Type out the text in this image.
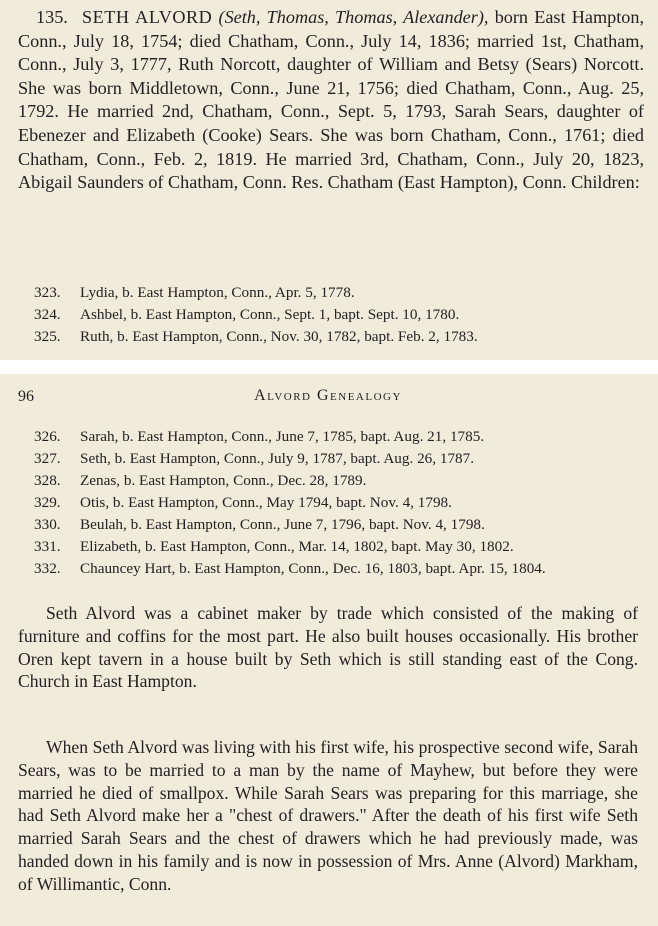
135. SETH ALVORD (Seth, Thomas, Thomas, Alexander), born East Hampton, Conn., July 18, 1754; died Chatham, Conn., July 14, 1836; married 1st, Chatham, Conn., July 3, 1777, Ruth Norcott, daughter of William and Betsy (Sears) Norcott. She was born Middletown, Conn., June 21, 1756; died Chatham, Conn., Aug. 25, 1792. He married 2nd, Chatham, Conn., Sept. 5, 1793, Sarah Sears, daughter of Ebenezer and Elizabeth (Cooke) Sears. She was born Chatham, Conn., 1761; died Chatham, Conn., Feb. 2, 1819. He married 3rd, Chatham, Conn., July 20, 1823, Abigail Saunders of Chatham, Conn. Res. Chatham (East Hampton), Conn. Children:

323.	Lydia, b. East Hampton, Conn., Apr. 5, 1778.
324.	Ashbel, b. East Hampton, Conn., Sept. 1, bapt. Sept. 10, 1780.
325.	Ruth, b. East Hampton, Conn., Nov. 30, 1782, bapt. Feb. 2, 1783.
96	Alvord Genealogy
326.	Sarah, b. East Hampton, Conn., June 7, 1785, bapt. Aug. 21, 1785.
327.	Seth, b. East Hampton, Conn., July 9, 1787, bapt. Aug. 26, 1787.
328.	Zenas, b. East Hampton, Conn., Dec. 28, 1789.
329.	Otis, b. East Hampton, Conn., May 1794, bapt. Nov. 4, 1798.
330.	Beulah, b. East Hampton, Conn., June 7, 1796, bapt. Nov. 4, 1798.
331.	Elizabeth, b. East Hampton, Conn., Mar. 14, 1802, bapt. May 30, 1802.
332.	Chauncey Hart, b. East Hampton, Conn., Dec. 16, 1803, bapt. Apr. 15, 1804.

Seth Alvord was a cabinet maker by trade which consisted of the making of furniture and coffins for the most part. He also built houses occasionally. His brother Oren kept tavern in a house built by Seth which is still standing east of the Cong. Church in East Hampton.

When Seth Alvord was living with his first wife, his prospective second wife, Sarah Sears, was to be married to a man by the name of Mayhew, but before they were married he died of smallpox. While Sarah Sears was preparing for this marriage, she had Seth Alvord make her a "chest of drawers." After the death of his first wife Seth married Sarah Sears and the chest of drawers which he had previously made, was handed down in his family and is now in possession of Mrs. Anne (Alvord) Markham, of Willimantic, Conn.
